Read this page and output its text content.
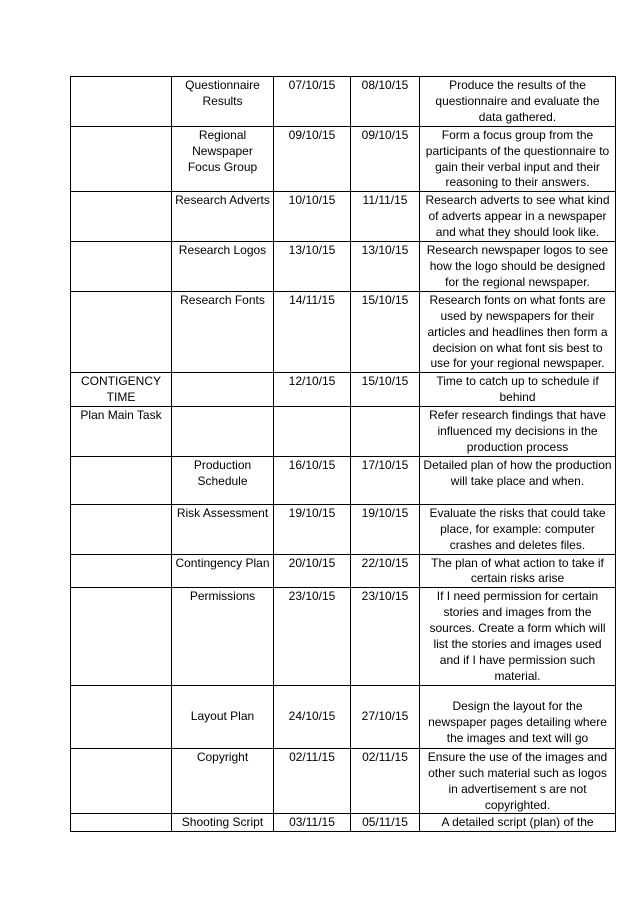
	Questionnaire Results	07/10/15	08/10/15	Produce the results of the questionnaire and evaluate the data gathered.
	Regional Newspaper Focus Group	09/10/15	09/10/15	Form a focus group from the participants of the questionnaire to gain their verbal input and their reasoning to their answers.
	Research Adverts	10/10/15	11/11/15	Research adverts to see what kind of adverts appear in a newspaper and what they should look like.
	Research Logos	13/10/15	13/10/15	Research newspaper logos to see how the logo should be designed for the regional newspaper.
	Research Fonts	14/11/15	15/10/15	Research fonts on what fonts are used by newspapers for their articles and headlines then form a decision on what font sis best to use for your regional newspaper.
CONTIGENCY TIME		12/10/15	15/10/15	Time to catch up to schedule if behind
Plan Main Task				Refer research findings that have influenced my decisions in the production process
	Production Schedule	16/10/15	17/10/15	Detailed plan of how the production will take place and when.
	Risk Assessment	19/10/15	19/10/15	Evaluate the risks that could take place, for example: computer crashes and deletes files.
	Contingency Plan	20/10/15	22/10/15	The plan of what action to take if certain risks arise
	Permissions	23/10/15	23/10/15	If I need permission for certain stories and images from the sources. Create a form which will list the stories and images used and if I have permission such material.
	Layout Plan	24/10/15	27/10/15	Design the layout for the newspaper pages detailing where the images and text will go
	Copyright	02/11/15	02/11/15	Ensure the use of the images and other such material such as logos in advertisement s are not copyrighted.
	Shooting Script	03/11/15	05/11/15	A detailed script (plan) of the
